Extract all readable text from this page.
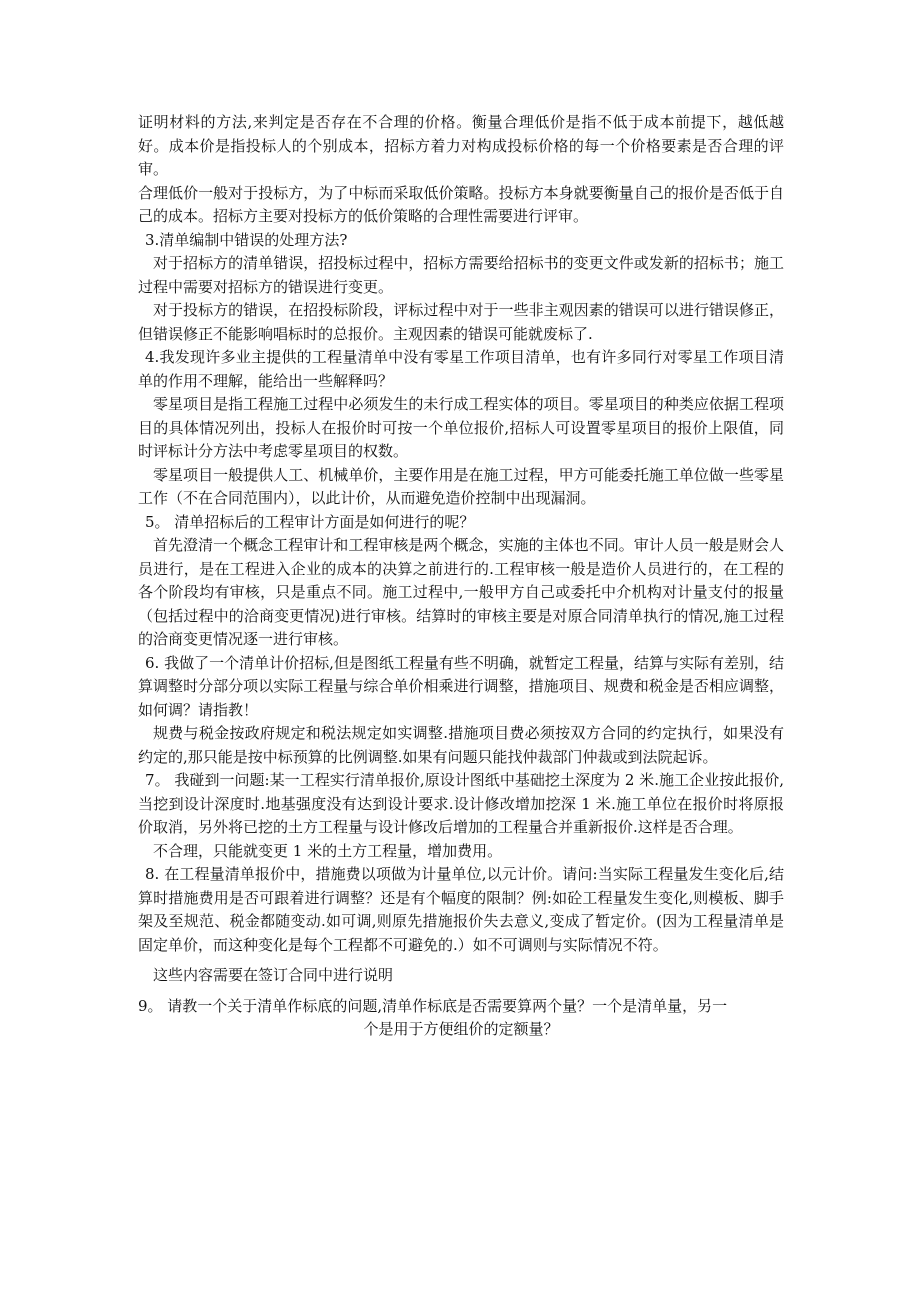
证明材料的方法,来判定是否存在不合理的价格。衡量合理低价是指不低于成本前提下，越低越好。成本价是指投标人的个别成本，招标方着力对构成投标价格的每一个价格要素是否合理的评审。

合理低价一般对于投标方，为了中标而采取低价策略。投标方本身就要衡量自己的报价是否低于自己的成本。招标方主要对投标方的低价策略的合理性需要进行评审。

3.清单编制中错误的处理方法?

对于招标方的清单错误，招投标过程中，招标方需要给招标书的变更文件或发新的招标书；施工过程中需要对招标方的错误进行变更。

对于投标方的错误，在招投标阶段，评标过程中对于一些非主观因素的错误可以进行错误修正，但错误修正不能影响唱标时的总报价。主观因素的错误可能就废标了.

4.我发现许多业主提供的工程量清单中没有零星工作项目清单，也有许多同行对零星工作项目清单的作用不理解，能给出一些解释吗？

零星项目是指工程施工过程中必须发生的未行成工程实体的项目。零星项目的种类应依据工程项目的具体情况列出，投标人在报价时可按一个单位报价,招标人可设置零星项目的报价上限值，同时评标计分方法中考虑零星项目的权数。

零星项目一般提供人工、机械单价，主要作用是在施工过程，甲方可能委托施工单位做一些零星工作（不在合同范围内），以此计价，从而避免造价控制中出现漏洞。

5。 清单招标后的工程审计方面是如何进行的呢？

首先澄清一个概念工程审计和工程审核是两个概念，实施的主体也不同。审计人员一般是财会人员进行，是在工程进入企业的成本的决算之前进行的.工程审核一般是造价人员进行的，在工程的各个阶段均有审核，只是重点不同。施工过程中,一般甲方自己或委托中介机构对计量支付的报量（包括过程中的洽商变更情况)进行审核。结算时的审核主要是对原合同清单执行的情况,施工过程的洽商变更情况逐一进行审核。

6. 我做了一个清单计价招标,但是图纸工程量有些不明确，就暂定工程量，结算与实际有差别，结算调整时分部分项以实际工程量与综合单价相乘进行调整，措施项目、规费和税金是否相应调整，如何调？请指教！

规费与税金按政府规定和税法规定如实调整.措施项目费必须按双方合同的约定执行，如果没有约定的,那只能是按中标预算的比例调整.如果有问题只能找仲裁部门仲裁或到法院起诉。

7。 我碰到一问题:某一工程实行清单报价,原设计图纸中基础挖土深度为 2 米.施工企业按此报价,当挖到设计深度时.地基强度没有达到设计要求.设计修改增加挖深 1 米.施工单位在报价时将原报价取消，另外将已挖的土方工程量与设计修改后增加的工程量合并重新报价.这样是否合理。

不合理，只能就变更 1 米的土方工程量，增加费用。

8. 在工程量清单报价中，措施费以项做为计量单位,以元计价。请问:当实际工程量发生变化后,结算时措施费用是否可跟着进行调整？还是有个幅度的限制？例:如砼工程量发生变化,则模板、脚手架及至规范、税金都随变动.如可调,则原先措施报价失去意义,变成了暂定价。(因为工程量清单是固定单价，而这种变化是每个工程都不可避免的.）如不可调则与实际情况不符。

这些内容需要在签订合同中进行说明

9。 请教一个关于清单作标底的问题,清单作标底是否需要算两个量？一个是清单量，另一

个是用于方便组价的定额量？
